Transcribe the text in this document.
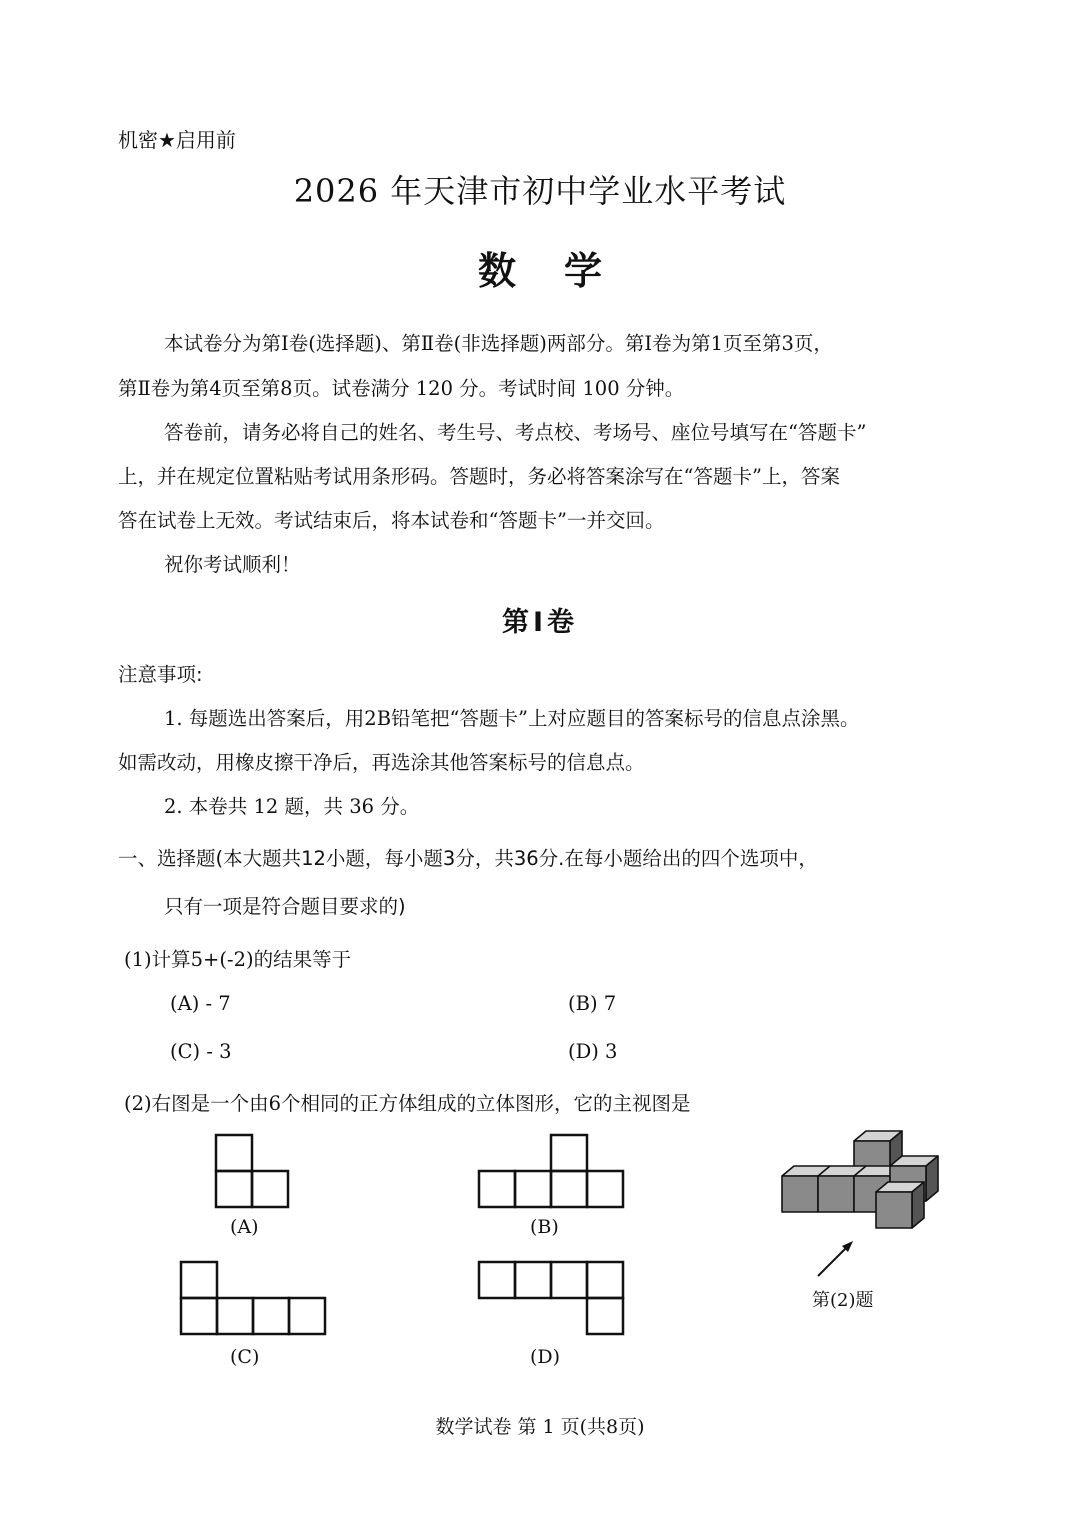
机密★启用前
2026 年天津市初中学业水平考试
数学
本试卷分为第Ⅰ卷(选择题)、第Ⅱ卷(非选择题)两部分。第Ⅰ卷为第1页至第3页，
第Ⅱ卷为第4页至第8页。试卷满分 120 分。考试时间 100 分钟。
答卷前，请务必将自己的姓名、考生号、考点校、考场号、座位号填写在“答题卡”
上，并在规定位置粘贴考试用条形码。答题时，务必将答案涂写在“答题卡”上，答案
答在试卷上无效。考试结束后，将本试卷和“答题卡”一并交回。
祝你考试顺利！
第Ⅰ卷
注意事项:
1. 每题选出答案后，用2B铅笔把“答题卡”上对应题目的答案标号的信息点涂黑。
如需改动，用橡皮擦干净后，再选涂其他答案标号的信息点。
2. 本卷共 12 题，共 36 分。
一、选择题(本大题共12小题，每小题3分，共36分.在每小题给出的四个选项中，
只有一项是符合题目要求的)
(1)计算5+(-2)的结果等于
(A) - 7	(B) 7
(C) - 3	(D) 3
(2)右图是一个由6个相同的正方体组成的立体图形，它的主视图是
(A)	(B)
(C)	(D)
第(2)题
数学试卷 第 1 页(共8页)
